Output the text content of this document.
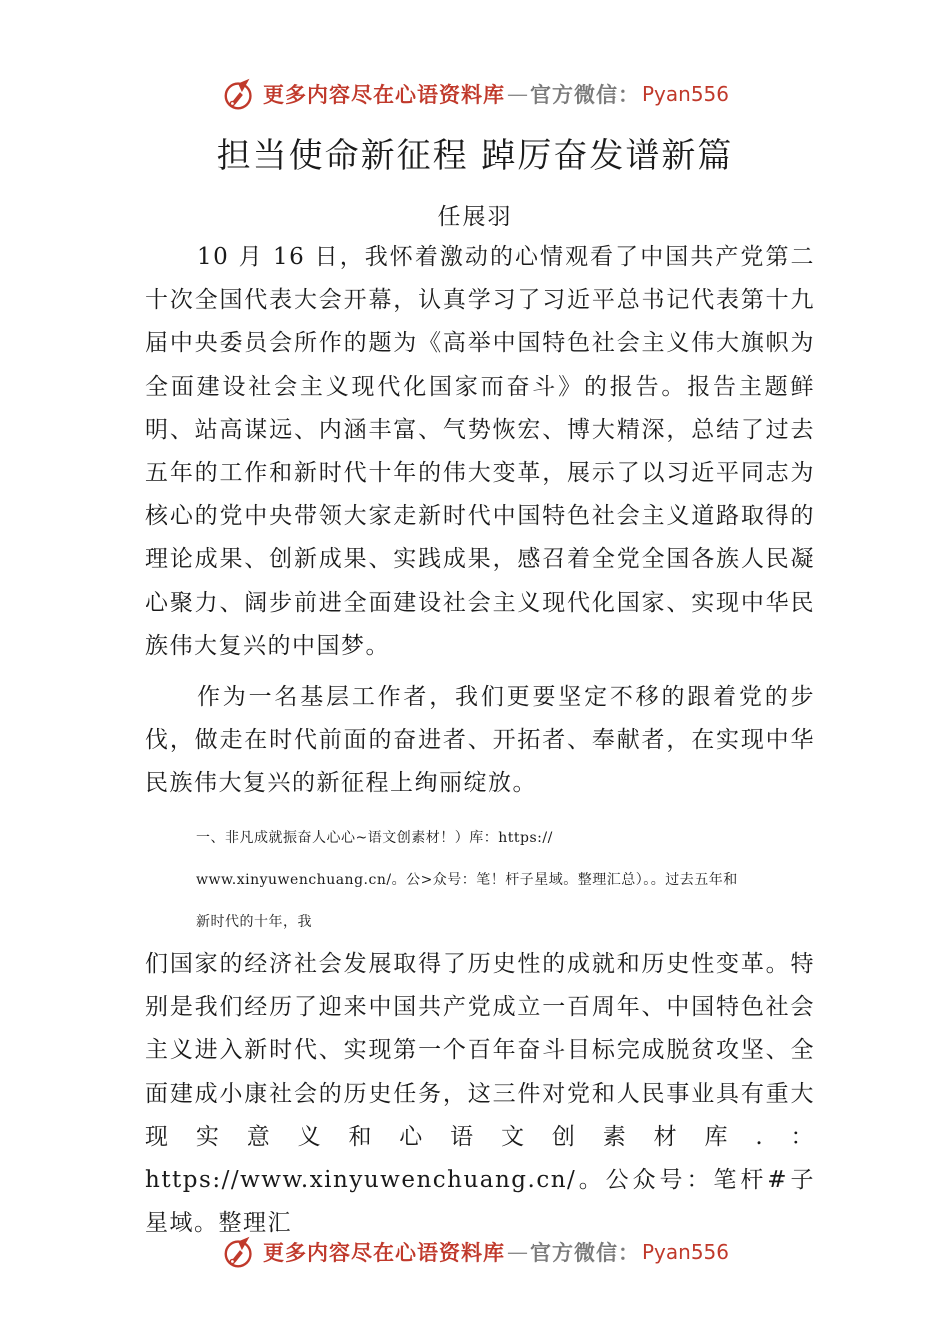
更多内容尽在心语资料库 — 官方微信： Pyan556
担当使命新征程 踔厉奋发谱新篇
任展羽

10 月 16 日，我怀着激动的心情观看了中国共产党第二十次全国代表大会开幕，认真学习了习近平总书记代表第十九届中央委员会所作的题为《高举中国特色社会主义伟大旗帜为全面建设社会主义现代化国家而奋斗》的报告。报告主题鲜明、站高谋远、内涵丰富、气势恢宏、博大精深，总结了过去五年的工作和新时代十年的伟大变革，展示了以习近平同志为核心的党中央带领大家走新时代中国特色社会主义道路取得的理论成果、创新成果、实践成果，感召着全党全国各族人民凝心聚力、阔步前进全面建设社会主义现代化国家、实现中华民族伟大复兴的中国梦。

作为一名基层工作者，我们更要坚定不移的跟着党的步伐，做走在时代前面的奋进者、开拓者、奉献者，在实现中华民族伟大复兴的新征程上绚丽绽放。

一、非凡成就振奋人心心~语文创素材！）库：https://
www.xinyuwenchuang.cn/。公>众号：笔！杆子星域。整理汇总）。。过去五年和
新时代的十年，我

们国家的经济社会发展取得了历史性的成就和历史性变革。特别是我们经历了迎来中国共产党成立一百周年、中国特色社会主义进入新时代、实现第一个百年奋斗目标完成脱贫攻坚、全面建成小康社会的历史任务，这三件对党和人民事业具有重大现实意义和心语文创素材库.：https://www.xinyuwenchuang.cn/。公众号：笔杆#子星域。整理汇

更多内容尽在心语资料库 — 官方微信： Pyan556
